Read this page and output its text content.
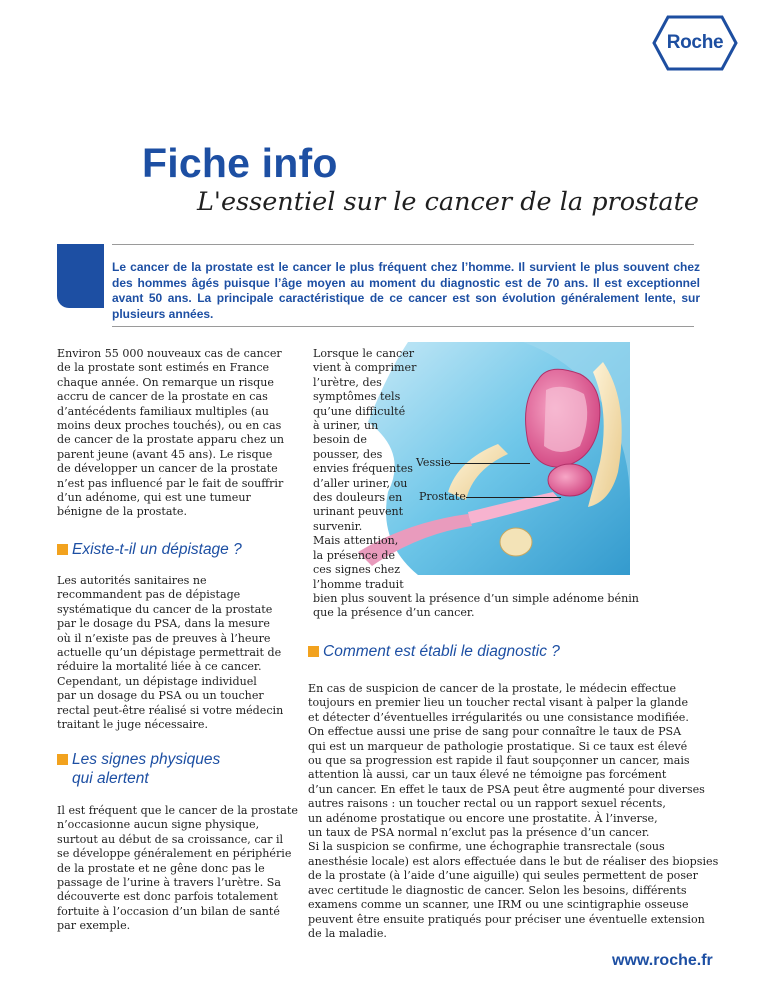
Roche
Fiche info
L'essentiel sur le cancer de la prostate

Le cancer de la prostate est le cancer le plus fréquent chez l’homme. Il survient le plus souvent chez des hommes âgés puisque l’âge moyen au moment du diagnostic est de 70 ans. Il est exceptionnel avant 50 ans. La principale caractéristique de ce cancer est son évolution généralement lente, sur plusieurs années.

Environ 55 000 nouveaux cas de cancer
de la prostate sont estimés en France
chaque année. On remarque un risque
accru de cancer de la prostate en cas
d’antécédents familiaux multiples (au
moins deux proches touchés), ou en cas
de cancer de la prostate apparu chez un
parent jeune (avant 45 ans). Le risque
de développer un cancer de la prostate
n’est pas influencé par le fait de souffrir
d’un adénome, qui est une tumeur
bénigne de la prostate.
Existe-t-il un dépistage ?
Les autorités sanitaires ne
recommandent pas de dépistage
systématique du cancer de la prostate
par le dosage du PSA, dans la mesure
où il n’existe pas de preuves à l’heure
actuelle qu’un dépistage permettrait de
réduire la mortalité liée à ce cancer.
Cependant, un dépistage individuel
par un dosage du PSA ou un toucher
rectal peut-être réalisé si votre médecin
traitant le juge nécessaire.
Les signes physiques
qui alertent
Il est fréquent que le cancer de la prostate
n’occasionne aucun signe physique,
surtout au début de sa croissance, car il
se développe généralement en périphérie
de la prostate et ne gêne donc pas le
passage de l’urine à travers l’urètre. Sa
découverte est donc parfois totalement
fortuite à l’occasion d’un bilan de santé
par exemple.
Vessie
Prostate
Lorsque le cancer
vient à comprimer
l’urètre, des
symptômes tels
qu’une difficulté
à uriner, un
besoin de
pousser, des
envies fréquentes
d’aller uriner, ou
des douleurs en
urinant peuvent
survenir.
Mais attention,
la présence de
ces signes chez
l’homme traduit
bien plus souvent la présence d’un simple adénome bénin
que la présence d’un cancer.
Comment est établi le diagnostic ?
En cas de suspicion de cancer de la prostate, le médecin effectue
toujours en premier lieu un toucher rectal visant à palper la glande
et détecter d’éventuelles irrégularités ou une consistance modifiée.
On effectue aussi une prise de sang pour connaître le taux de PSA
qui est un marqueur de pathologie prostatique. Si ce taux est élevé
ou que sa progression est rapide il faut soupçonner un cancer, mais
attention là aussi, car un taux élevé ne témoigne pas forcément
d’un cancer. En effet le taux de PSA peut être augmenté pour diverses
autres raisons : un toucher rectal ou un rapport sexuel récents,
un adénome prostatique ou encore une prostatite. À l’inverse,
un taux de PSA normal n’exclut pas la présence d’un cancer.
Si la suspicion se confirme, une échographie transrectale (sous
anesthésie locale) est alors effectuée dans le but de réaliser des biopsies
de la prostate (à l’aide d’une aiguille) qui seules permettent de poser
avec certitude le diagnostic de cancer. Selon les besoins, différents
examens comme un scanner, une IRM ou une scintigraphie osseuse
peuvent être ensuite pratiqués pour préciser une éventuelle extension
de la maladie.
www.roche.fr
